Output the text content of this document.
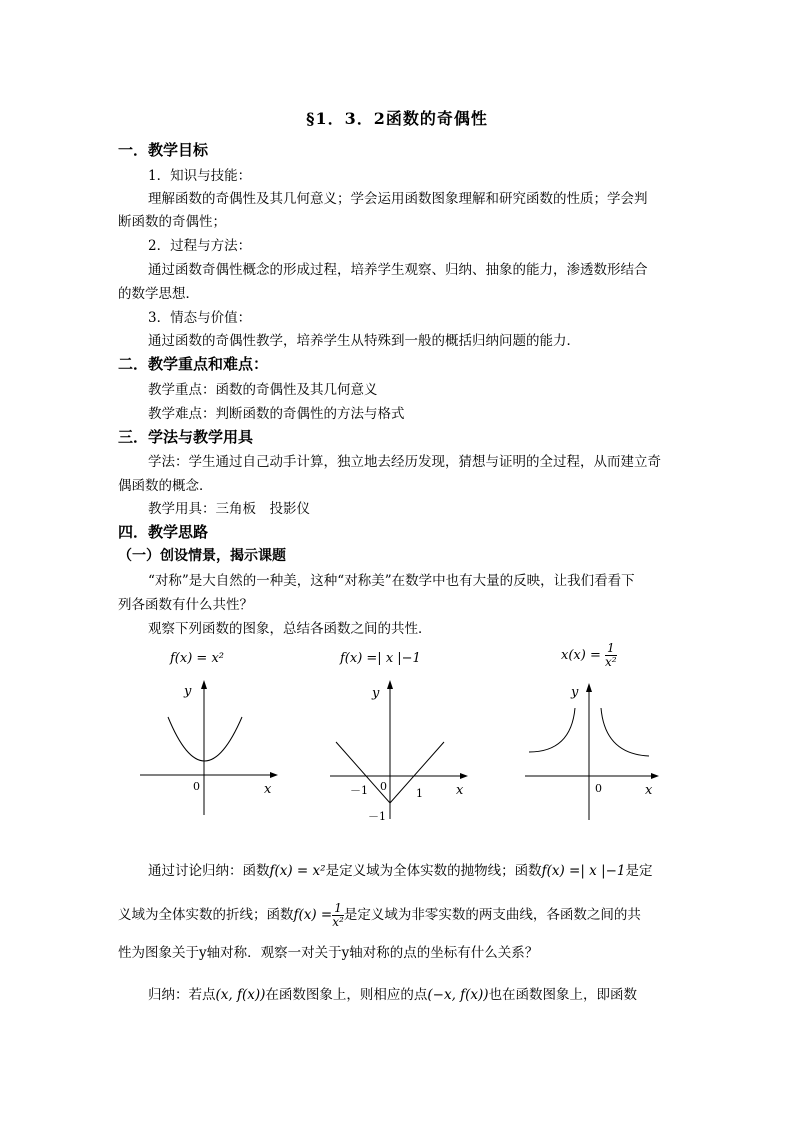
§1．3．2函数的奇偶性
一．教学目标
1．知识与技能：
理解函数的奇偶性及其几何意义；学会运用函数图象理解和研究函数的性质；学会判
断函数的奇偶性；
2．过程与方法：
通过函数奇偶性概念的形成过程，培养学生观察、归纳、抽象的能力，渗透数形结合
的数学思想．
3．情态与价值：
通过函数的奇偶性教学，培养学生从特殊到一般的概括归纳问题的能力．
二．教学重点和难点：
教学重点：函数的奇偶性及其几何意义
教学难点：判断函数的奇偶性的方法与格式
三．学法与教学用具
学法：学生通过自己动手计算，独立地去经历发现，猜想与证明的全过程，从而建立奇
偶函数的概念．
教学用具：三角板　投影仪
四．教学思路
（一）创设情景，揭示课题
“对称”是大自然的一种美，这种“对称美”在数学中也有大量的反映，让我们看看下
列各函数有什么共性？
观察下列函数的图象，总结各函数之间的共性．
f(x) = x²
y
x
0
f(x) =| x |−1
y
x
0
－1	1
－1
$x(x) = \frac{1}{\text{x²}}$
y
x
0
通过讨论归纳：函数f(x) = x²是定义域为全体实数的抛物线；函数f(x) =| x |−1是定
义域为全体实数的折线；函数$f(x) = \frac{1}{\text{x²}}$ 是定义域为非零实数的两支曲线，各函数之间的共
性为图象关于y轴对称．观察一对关于y轴对称的点的坐标有什么关系？
归纳：若点(x, f(x))在函数图象上，则相应的点(−x, f(x))也在函数图象上，即函数
